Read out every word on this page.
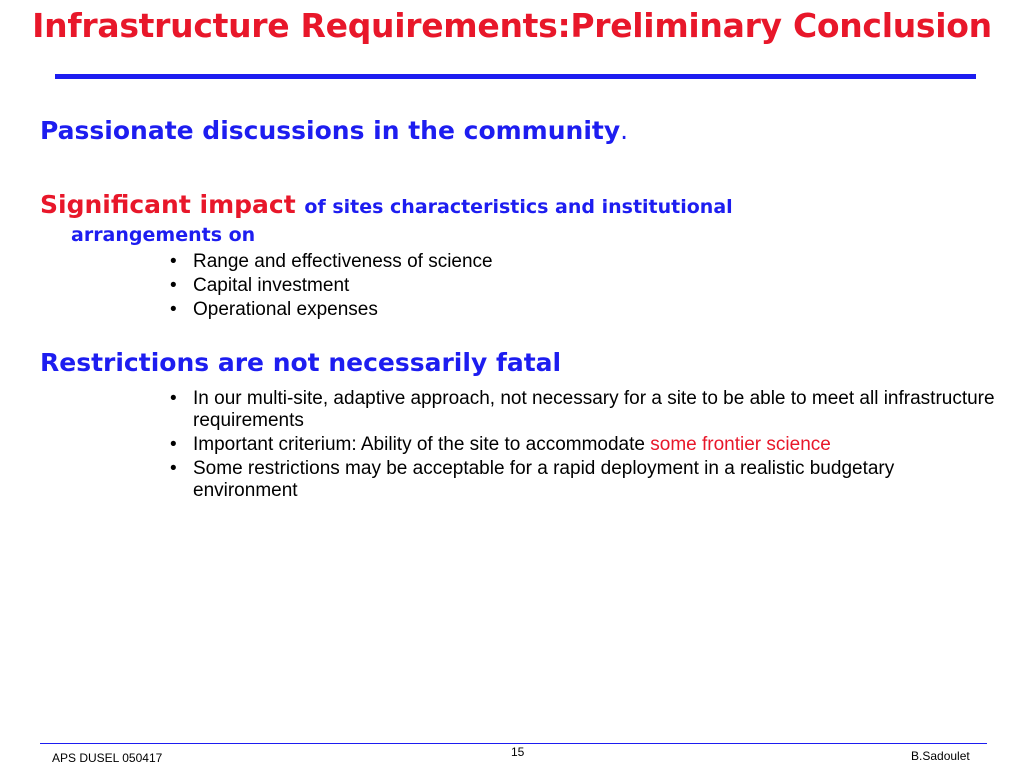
Infrastructure Requirements:Preliminary Conclusion
Passionate discussions in the community.
Significant impact of sites characteristics and institutional
arrangements on
• Range and effectiveness of science
• Capital investment
• Operational expenses
Restrictions are not necessarily fatal
• In our multi-site, adaptive approach, not necessary for a site to be able to meet all infrastructure requirements
• Important criterium: Ability of the site to accommodate some frontier science
• Some restrictions may be acceptable for a rapid deployment in a realistic budgetary environment
APS DUSEL 050417	15	B.Sadoulet
